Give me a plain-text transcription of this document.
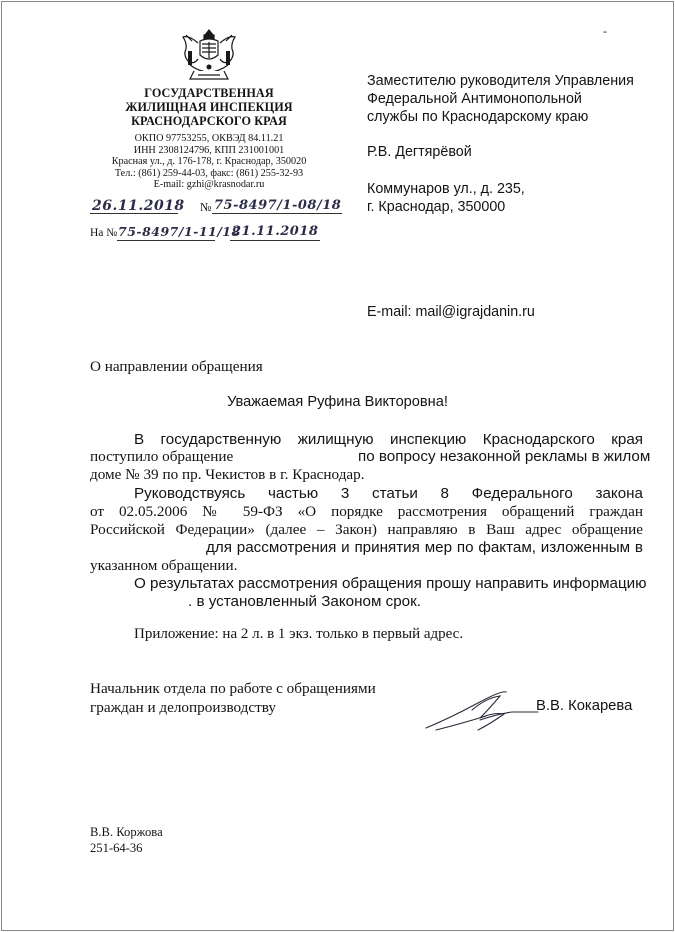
-
ГОСУДАРСТВЕННАЯ
ЖИЛИЩНАЯ ИНСПЕКЦИЯ
КРАСНОДАРСКОГО КРАЯ
ОКПО 97753255, ОКВЭД 84.11.21
ИНН 2308124796, КПП 231001001
Красная ул., д. 176-178, г. Краснодар, 350020
Тел.: (861) 259-44-03, факс: (861) 255-32-93
E-mail: gzhi@krasnodar.ru
26.11.2018 № 75-8497/1-08/18
На № 75-8497/1-11/18
21.11.2018
Заместителю руководителя Управления
Федеральной Антимонопольной
службы по Краснодарскому краю
Р.В. Дегтярёвой
Коммунаров ул., д. 235,
г. Краснодар, 350000
E-mail: mail@igrajdanin.ru
О направлении обращения
Уважаемая Руфина Викторовна!
В государственную жилищную инспекцию Краснодарского края
поступило обращение	по вопросу незаконной рекламы в жилом
доме № 39 по пр. Чекистов в г. Краснодар.
Руководствуясь частью 3 статьи 8 Федерального закона
от 02.05.2006 № 59-ФЗ «О порядке рассмотрения обращений граждан
Российской Федерации» (далее – Закон) направляю в Ваш адрес обращение
для рассмотрения и принятия мер по фактам, изложенным в
указанном обращении.
О результатах рассмотрения обращения прошу направить информацию
. в установленный Законом срок.
Приложение: на 2 л. в 1 экз. только в первый адрес.
Начальник отдела по работе с обращениями
граждан и делопроизводству	В.В. Кокарева
В.В. Коржова
251-64-36
